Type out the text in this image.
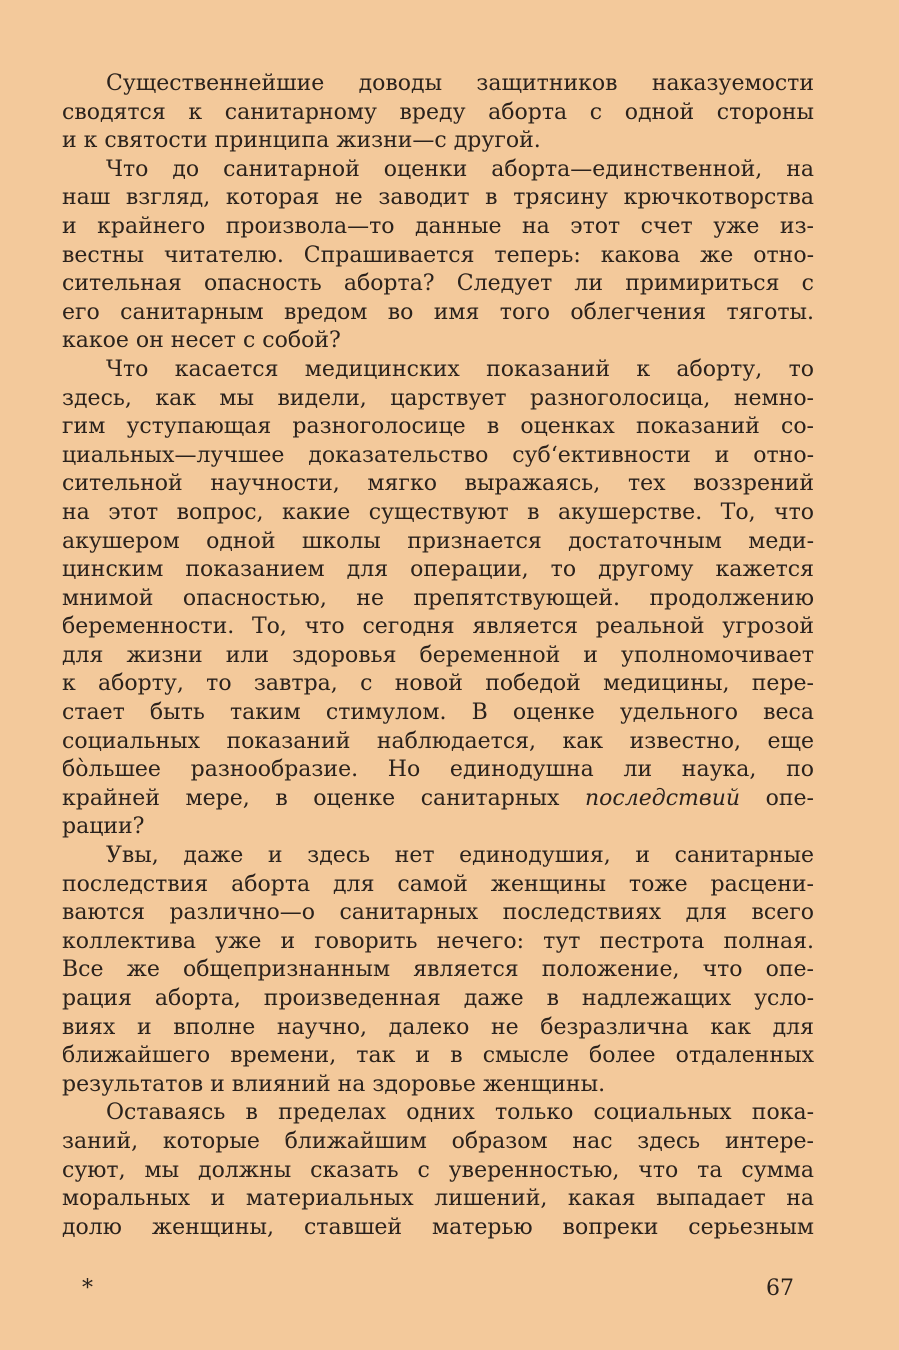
Существеннейшие доводы защитников наказуемости
сводятся к санитарному вреду аборта с одной стороны
и к святости принципа жизни—с другой.
Что до санитарной оценки аборта—единственной, на
наш взгляд, которая не заводит в трясину крючкотворства
и крайнего произвола—то данные на этот счет уже из-
вестны читателю. Спрашивается теперь: какова же отно-
сительная опасность аборта? Следует ли примириться с
его санитарным вредом во имя того облегчения тяготы.
какое он несет с собой?
Что касается медицинских показаний к аборту, то
здесь, как мы видели, царствует разноголосица, немно-
гим уступающая разноголосице в оценках показаний со-
циальных—лучшее доказательство суб‘ективности и отно-
сительной научности, мягко выражаясь, тех воззрений
на этот вопрос, какие существуют в акушерстве. То, что
акушером одной школы признается достаточным меди-
цинским показанием для операции, то другому кажется
мнимой опасностью, не препятствующей. продолжению
беременности. То, что сегодня является реальной угрозой
для жизни или здоровья беременной и уполномочивает
к аборту, то завтра, с новой победой медицины, пере-
стает быть таким стимулом. В оценке удельного веса
социальных показаний наблюдается, как известно, еще
бо̀льшее разнообразие. Но единодушна ли наука, по
крайней мере, в оценке санитарных последствий опе-
рации?
Увы, даже и здесь нет единодушия, и санитарные
последствия аборта для самой женщины тоже расцени-
ваются различно—о санитарных последствиях для всего
коллектива уже и говорить нечего: тут пестрота полная.
Все же общепризнанным является положение, что опе-
рация аборта, произведенная даже в надлежащих усло-
виях и вполне научно, далеко не безразлична как для
ближайшего времени, так и в смысле более отдаленных
результатов и влияний на здоровье женщины.
Оставаясь в пределах одних только социальных пока-
заний, которые ближайшим образом нас здесь интере-
суют, мы должны сказать с уверенностью, что та сумма
моральных и материальных лишений, какая выпадает на
долю женщины, ставшей матерью вопреки серьезным
*	67
